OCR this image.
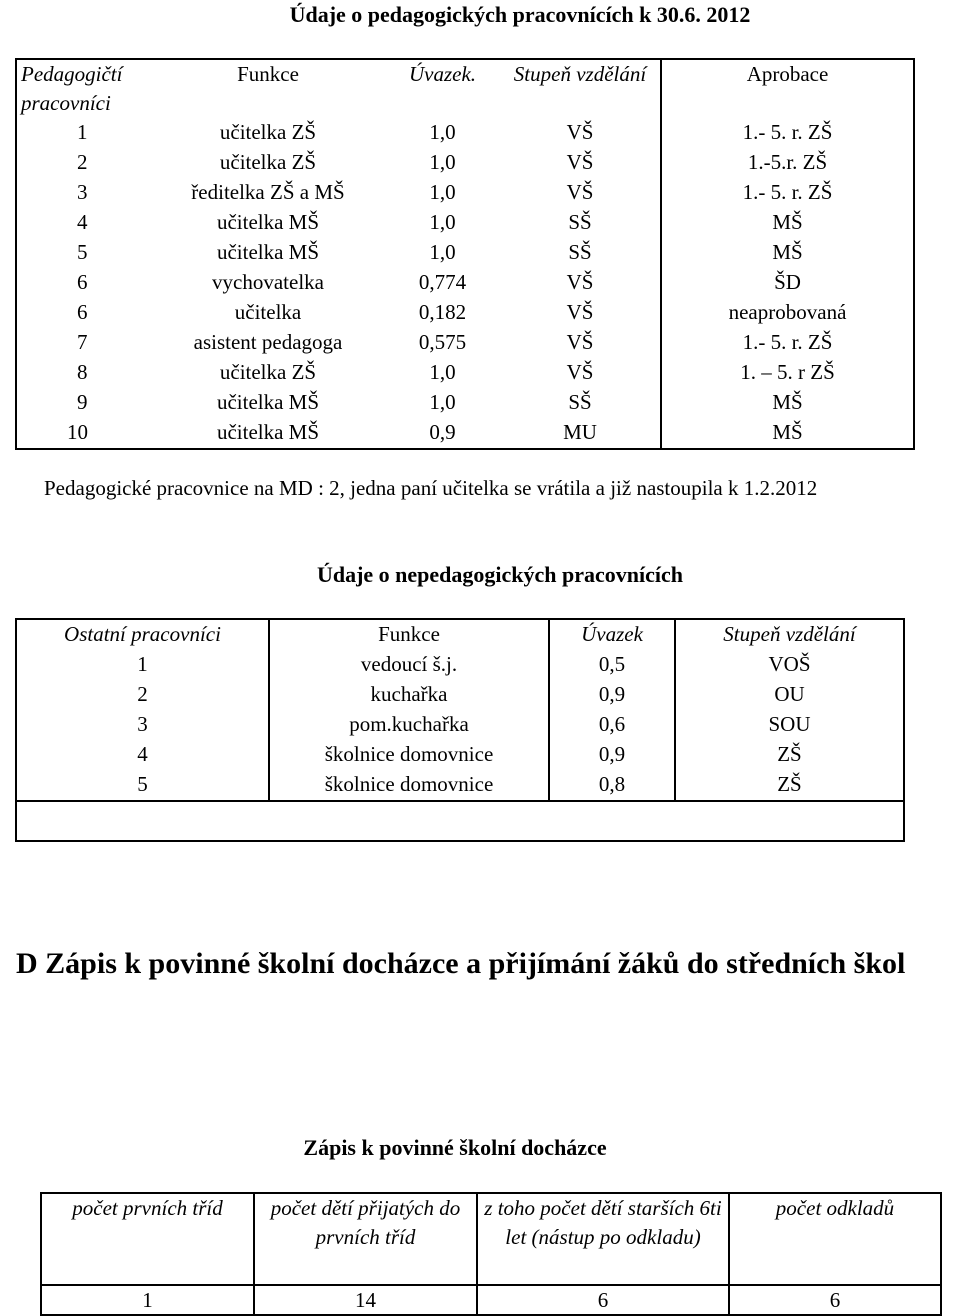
Údaje o pedagogických pracovnících k 30.6. 2012
Pedagogičtí pracovníci	Funkce	Úvazek.	Stupeň vzdělání	Aprobace
1	učitelka ZŠ	1,0	VŠ	1.- 5. r. ZŠ
2	učitelka ZŠ	1,0	VŠ	1.-5.r. ZŠ
3	ředitelka ZŠ a MŠ	1,0	VŠ	1.- 5. r. ZŠ
4	učitelka MŠ	1,0	SŠ	MŠ
5	učitelka MŠ	1,0	SŠ	MŠ
6	vychovatelka	0,774	VŠ	ŠD
6	učitelka	0,182	VŠ	neaprobovaná
7	asistent pedagoga	0,575	VŠ	1.- 5. r. ZŠ
8	učitelka ZŠ	1,0	VŠ	1. – 5. r ZŠ
9	učitelka MŠ	1,0	SŠ	MŠ
10	učitelka MŠ	0,9	MU	MŠ
Pedagogické pracovnice na MD : 2, jedna paní učitelka se vrátila a již nastoupila k 1.2.2012
Údaje o nepedagogických pracovnících
Ostatní pracovníci	Funkce	Úvazek	Stupeň vzdělání
1	vedoucí š.j.	0,5	VOŠ
2	kuchařka	0,9	OU
3	pom.kuchařka	0,6	SOU
4	školnice domovnice	0,9	ZŠ
5	školnice domovnice	0,8	ZŠ

D Zápis k povinné školní docházce a přijímání žáků do středních škol
Zápis k povinné školní docházce
počet prvních tříd	počet dětí přijatých do prvních tříd	z toho počet dětí starších 6ti let (nástup po odkladu)	počet odkladů
1	14	6	6
